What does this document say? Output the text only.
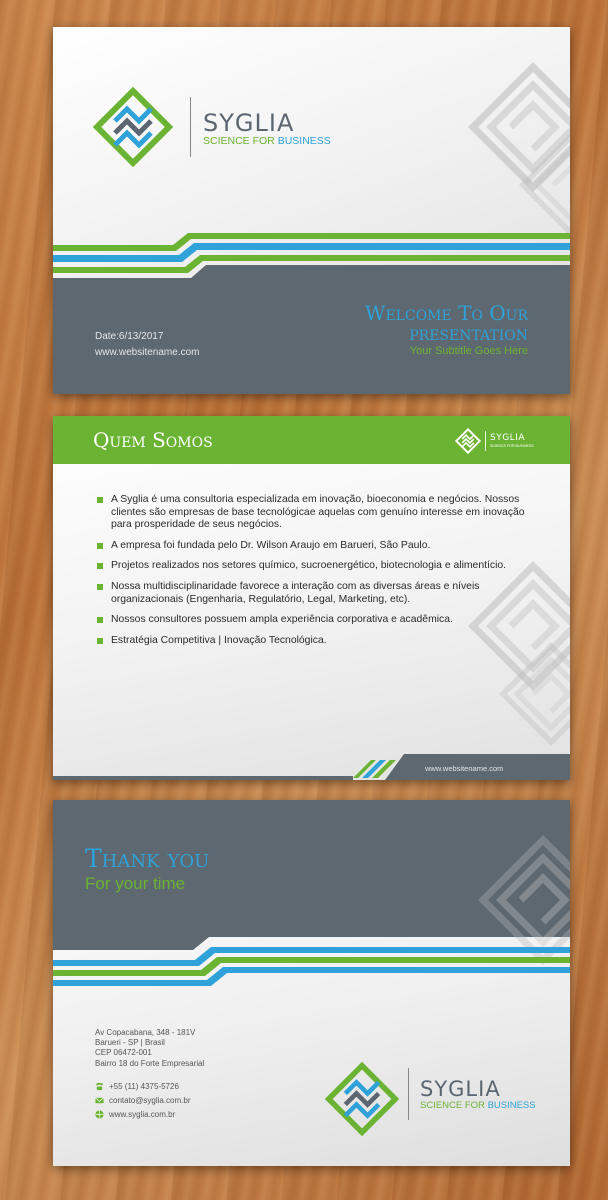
SYGLIA
SCIENCE FOR BUSINESS
Welcome To Our
presentation
Your Subtitle Goes Here
Date:6/13/2017
www.websitename.com
Quem Somos	SYGLIA
SCIENCE FOR BUSINESS
A Syglia é uma consultoria especializada em inovação, bioeconomia e negócios. Nossos clientes são empresas de base tecnológicae aquelas com genuíno interesse em inovação para prosperidade de seus negócios.
A empresa foi fundada pelo Dr. Wilson Araujo em Barueri, São Paulo.
Projetos realizados nos setores químico, sucroenergético, biotecnologia e alimentício.
Nossa multidisciplinaridade favorece a interação com as diversas áreas e níveis organizacionais (Engenharia, Regulatório, Legal, Marketing, etc).
Nossos consultores possuem ampla experiência corporativa e acadêmica.
Estratégia Competitiva | Inovação Tecnológica.
www.websitename.com
Thank you
For your time
Av Copacabana, 348 - 181V
Barueri - SP | Brasil
CEP 06472-001
Bairro 18 do Forte Empresarial
+55 (11) 4375-5726
contato@syglia.com.br
www.syglia.com.br
SYGLIA
SCIENCE FOR BUSINESS
